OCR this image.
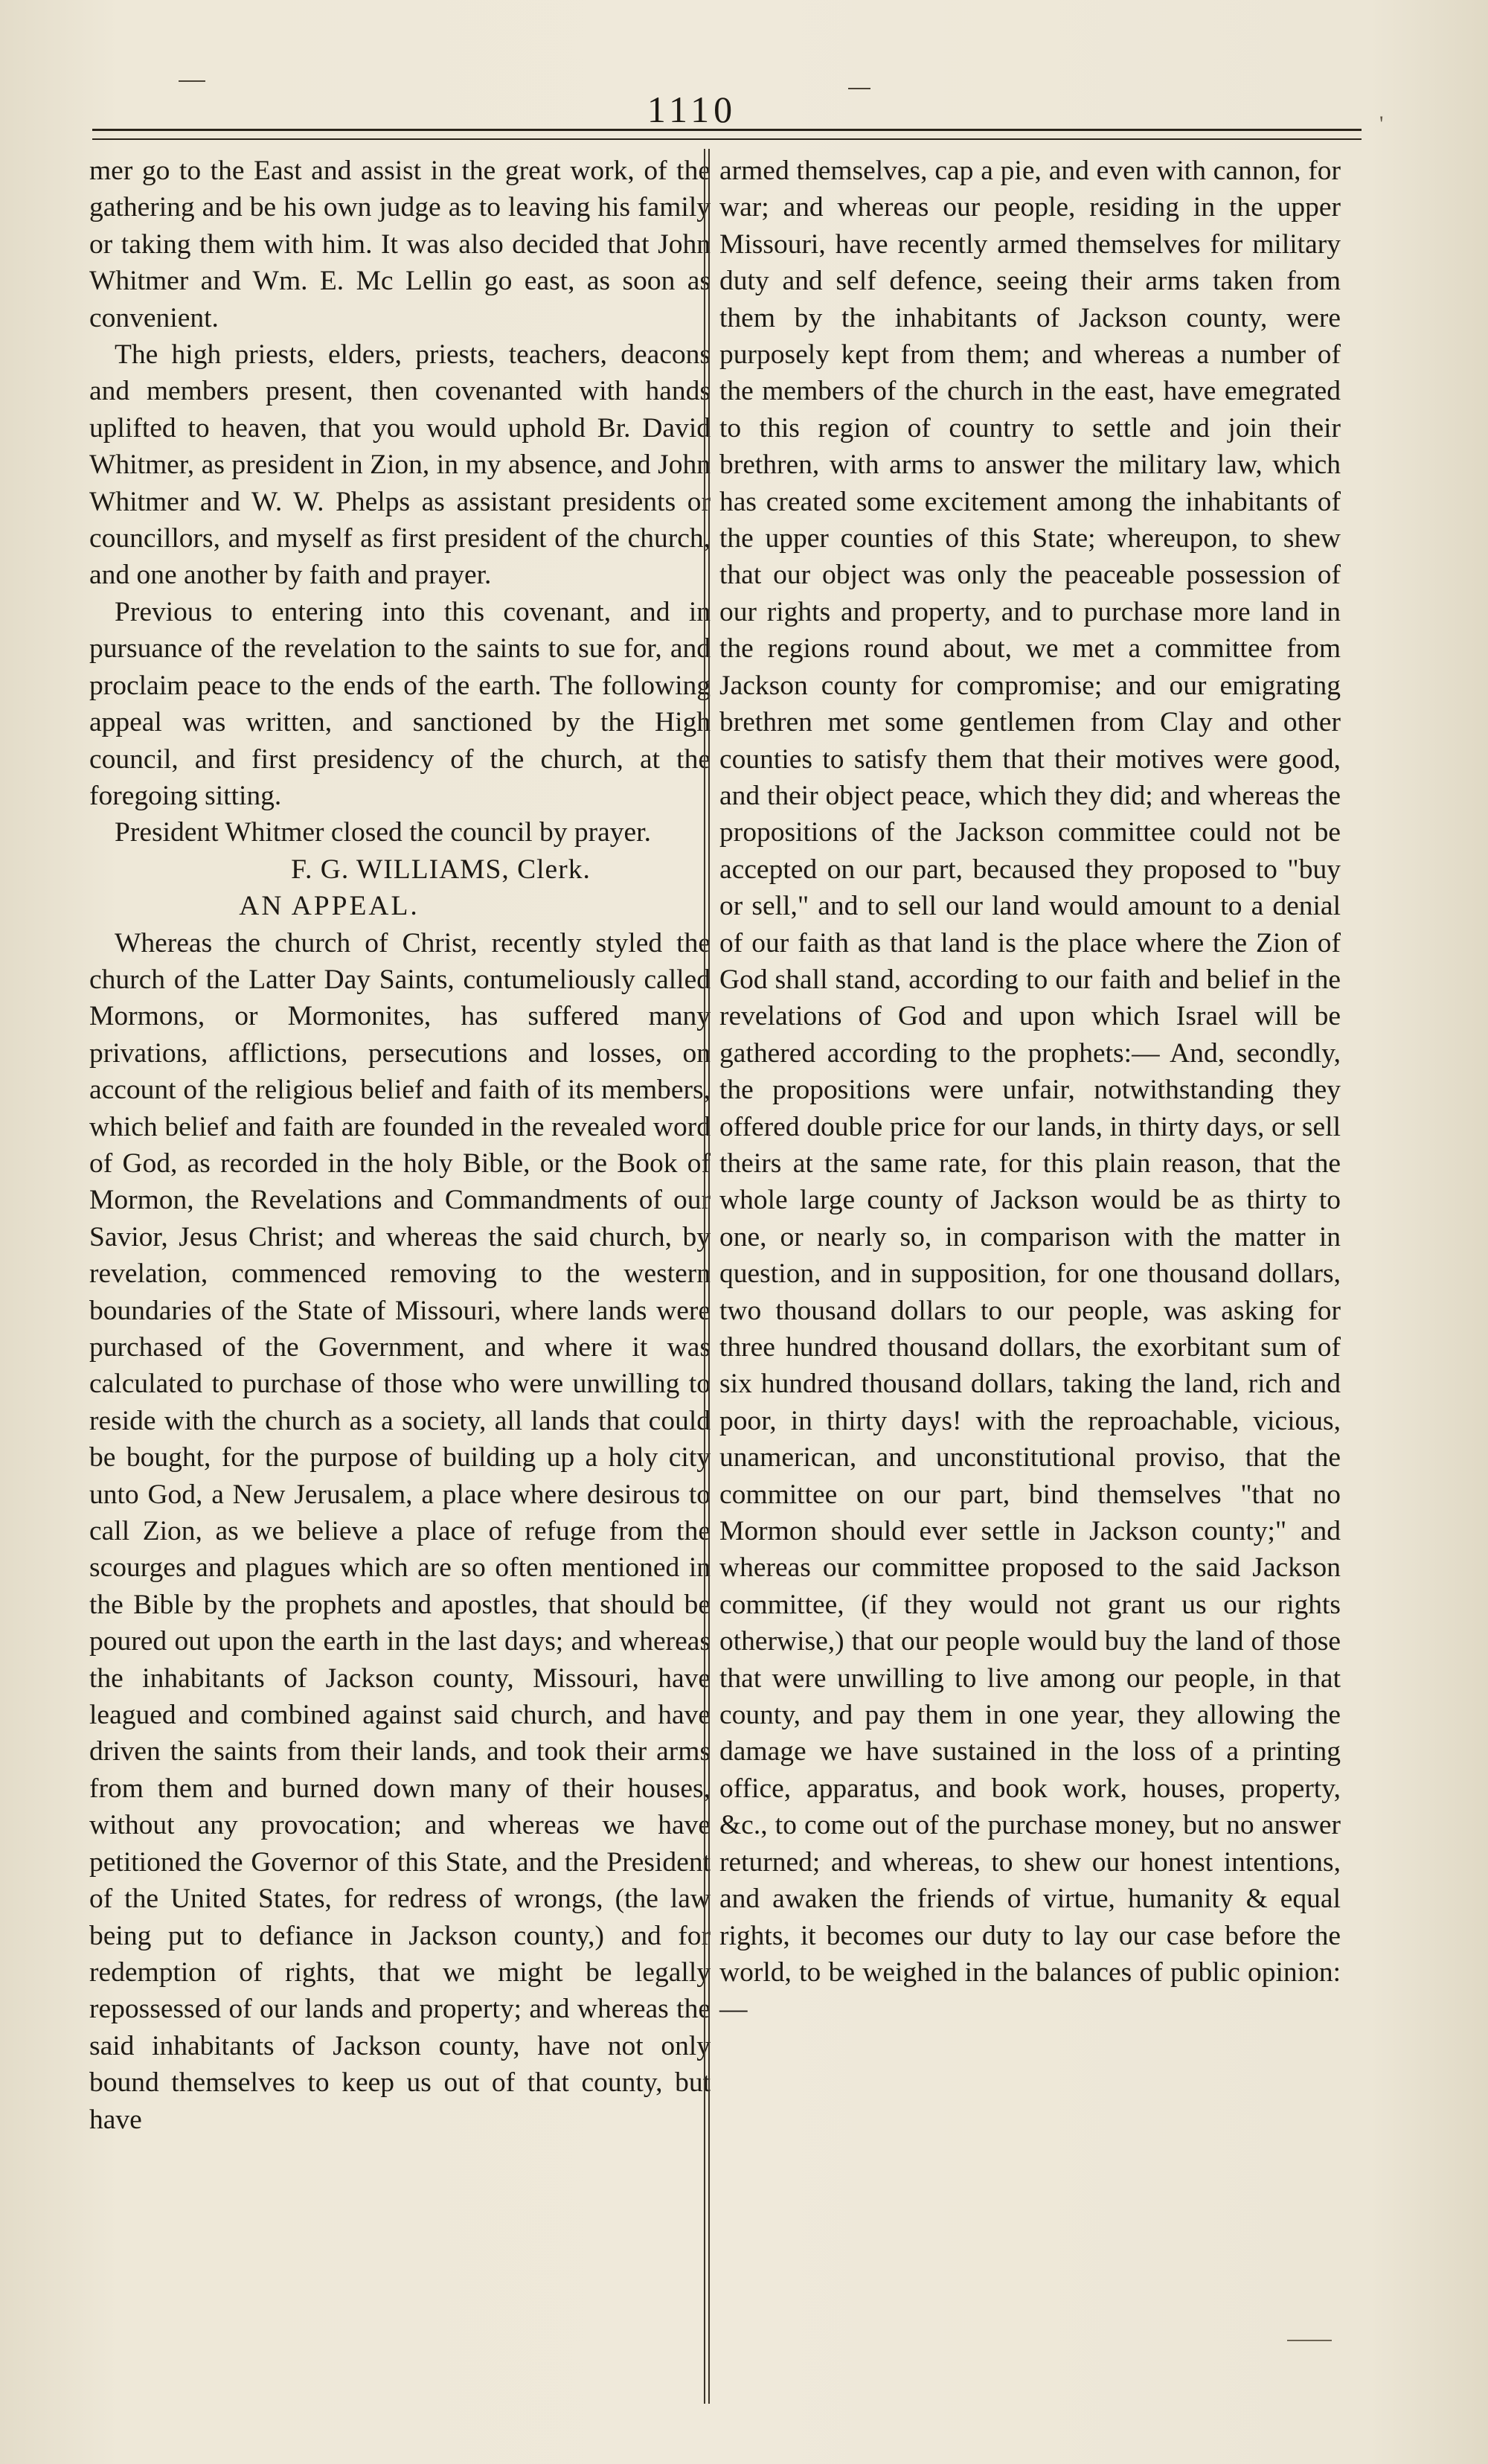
'
1110

mer go to the East and assist in the great work, of the gathering and be his own judge as to leaving his family or taking them with him. It was also decided that John Whitmer and Wm. E. Mc Lellin go east, as soon as convenient.

The high priests, elders, priests, teachers, deacons and members present, then covenanted with hands uplifted to heaven, that you would uphold Br. David Whitmer, as president in Zion, in my absence, and John Whitmer and W. W. Phelps as assistant presidents or councillors, and myself as first president of the church, and one another by faith and prayer.

Previous to entering into this covenant, and in pursuance of the revelation to the saints to sue for, and proclaim peace to the ends of the earth. The following appeal was written, and sanctioned by the High council, and first presidency of the church, at the foregoing sitting.

President Whitmer closed the council by prayer.

F. G. WILLIAMS, Clerk.

AN APPEAL.

Whereas the church of Christ, recently styled the church of the Latter Day Saints, contumeliously called Mormons, or Mormonites, has suffered many privations, afflictions, persecutions and losses, on account of the religious belief and faith of its members, which belief and faith are founded in the revealed word of God, as recorded in the holy Bible, or the Book of Mormon, the Revelations and Commandments of our Savior, Jesus Christ; and whereas the said church, by revelation, commenced removing to the western boundaries of the State of Missouri, where lands were purchased of the Government, and where it was calculated to purchase of those who were unwilling to reside with the church as a society, all lands that could be bought, for the purpose of building up a holy city unto God, a New Jerusalem, a place where desirous to call Zion, as we believe a place of refuge from the scourges and plagues which are so often mentioned in the Bible by the prophets and apostles, that should be poured out upon the earth in the last days; and whereas the inhabitants of Jackson county, Missouri, have leagued and combined against said church, and have driven the saints from their lands, and took their arms from them and burned down many of their houses, without any provocation; and whereas we have petitioned the Governor of this State, and the President of the United States, for redress of wrongs, (the law being put to defiance in Jackson county,) and for redemption of rights, that we might be legally repossessed of our lands and property; and whereas the said inhabitants of Jackson county, have not only bound themselves to keep us out of that county, but have

armed themselves, cap a pie, and even with cannon, for war; and whereas our people, residing in the upper Missouri, have recently armed themselves for military duty and self defence, seeing their arms taken from them by the inhabitants of Jackson county, were purposely kept from them; and whereas a number of the members of the church in the east, have emegrated to this region of country to settle and join their brethren, with arms to answer the military law, which has created some excitement among the inhabitants of the upper counties of this State; whereupon, to shew that our object was only the peaceable possession of our rights and property, and to purchase more land in the regions round about, we met a committee from Jackson county for compromise; and our emigrating brethren met some gentlemen from Clay and other counties to satisfy them that their motives were good, and their object peace, which they did; and whereas the propositions of the Jackson committee could not be accepted on our part, becaused they proposed to "buy or sell," and to sell our land would amount to a denial of our faith as that land is the place where the Zion of God shall stand, according to our faith and belief in the revelations of God and upon which Israel will be gathered according to the prophets:— And, secondly, the propositions were unfair, notwithstanding they offered double price for our lands, in thirty days, or sell theirs at the same rate, for this plain reason, that the whole large county of Jackson would be as thirty to one, or nearly so, in comparison with the matter in question, and in supposition, for one thousand dollars, two thousand dollars to our people, was asking for three hundred thousand dollars, the exorbitant sum of six hundred thousand dollars, taking the land, rich and poor, in thirty days! with the reproachable, vicious, unamerican, and unconstitutional proviso, that the committee on our part, bind themselves "that no Mormon should ever settle in Jackson county;" and whereas our committee proposed to the said Jackson committee, (if they would not grant us our rights otherwise,) that our people would buy the land of those that were unwilling to live among our people, in that county, and pay them in one year, they allowing the damage we have sustained in the loss of a printing office, apparatus, and book work, houses, property, &c., to come out of the purchase money, but no answer returned; and whereas, to shew our honest intentions, and awaken the friends of virtue, humanity & equal rights, it becomes our duty to lay our case before the world, to be weighed in the balances of public opinion:—
